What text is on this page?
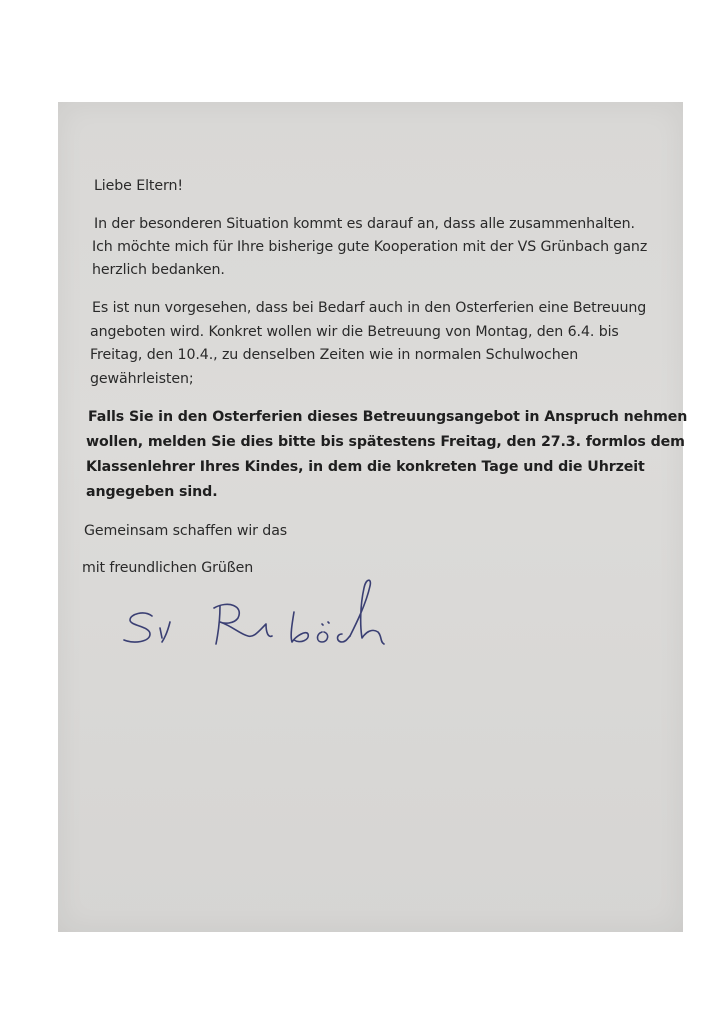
Liebe Eltern!
In der besonderen Situation kommt es darauf an, dass alle zusammenhalten.
Ich möchte mich für Ihre bisherige gute Kooperation mit der VS Grünbach ganz
herzlich bedanken.
Es ist nun vorgesehen, dass bei Bedarf auch in den Osterferien eine Betreuung
angeboten wird. Konkret wollen wir die Betreuung von Montag, den 6.4. bis
Freitag, den 10.4., zu denselben Zeiten wie in normalen Schulwochen
gewährleisten;
Falls Sie in den Osterferien dieses Betreuungsangebot in Anspruch nehmen
wollen, melden Sie dies bitte bis spätestens Freitag, den 27.3. formlos dem
Klassenlehrer Ihres Kindes, in dem die konkreten Tage und die Uhrzeit
angegeben sind.
Gemeinsam schaffen wir das
mit freundlichen Grüßen
